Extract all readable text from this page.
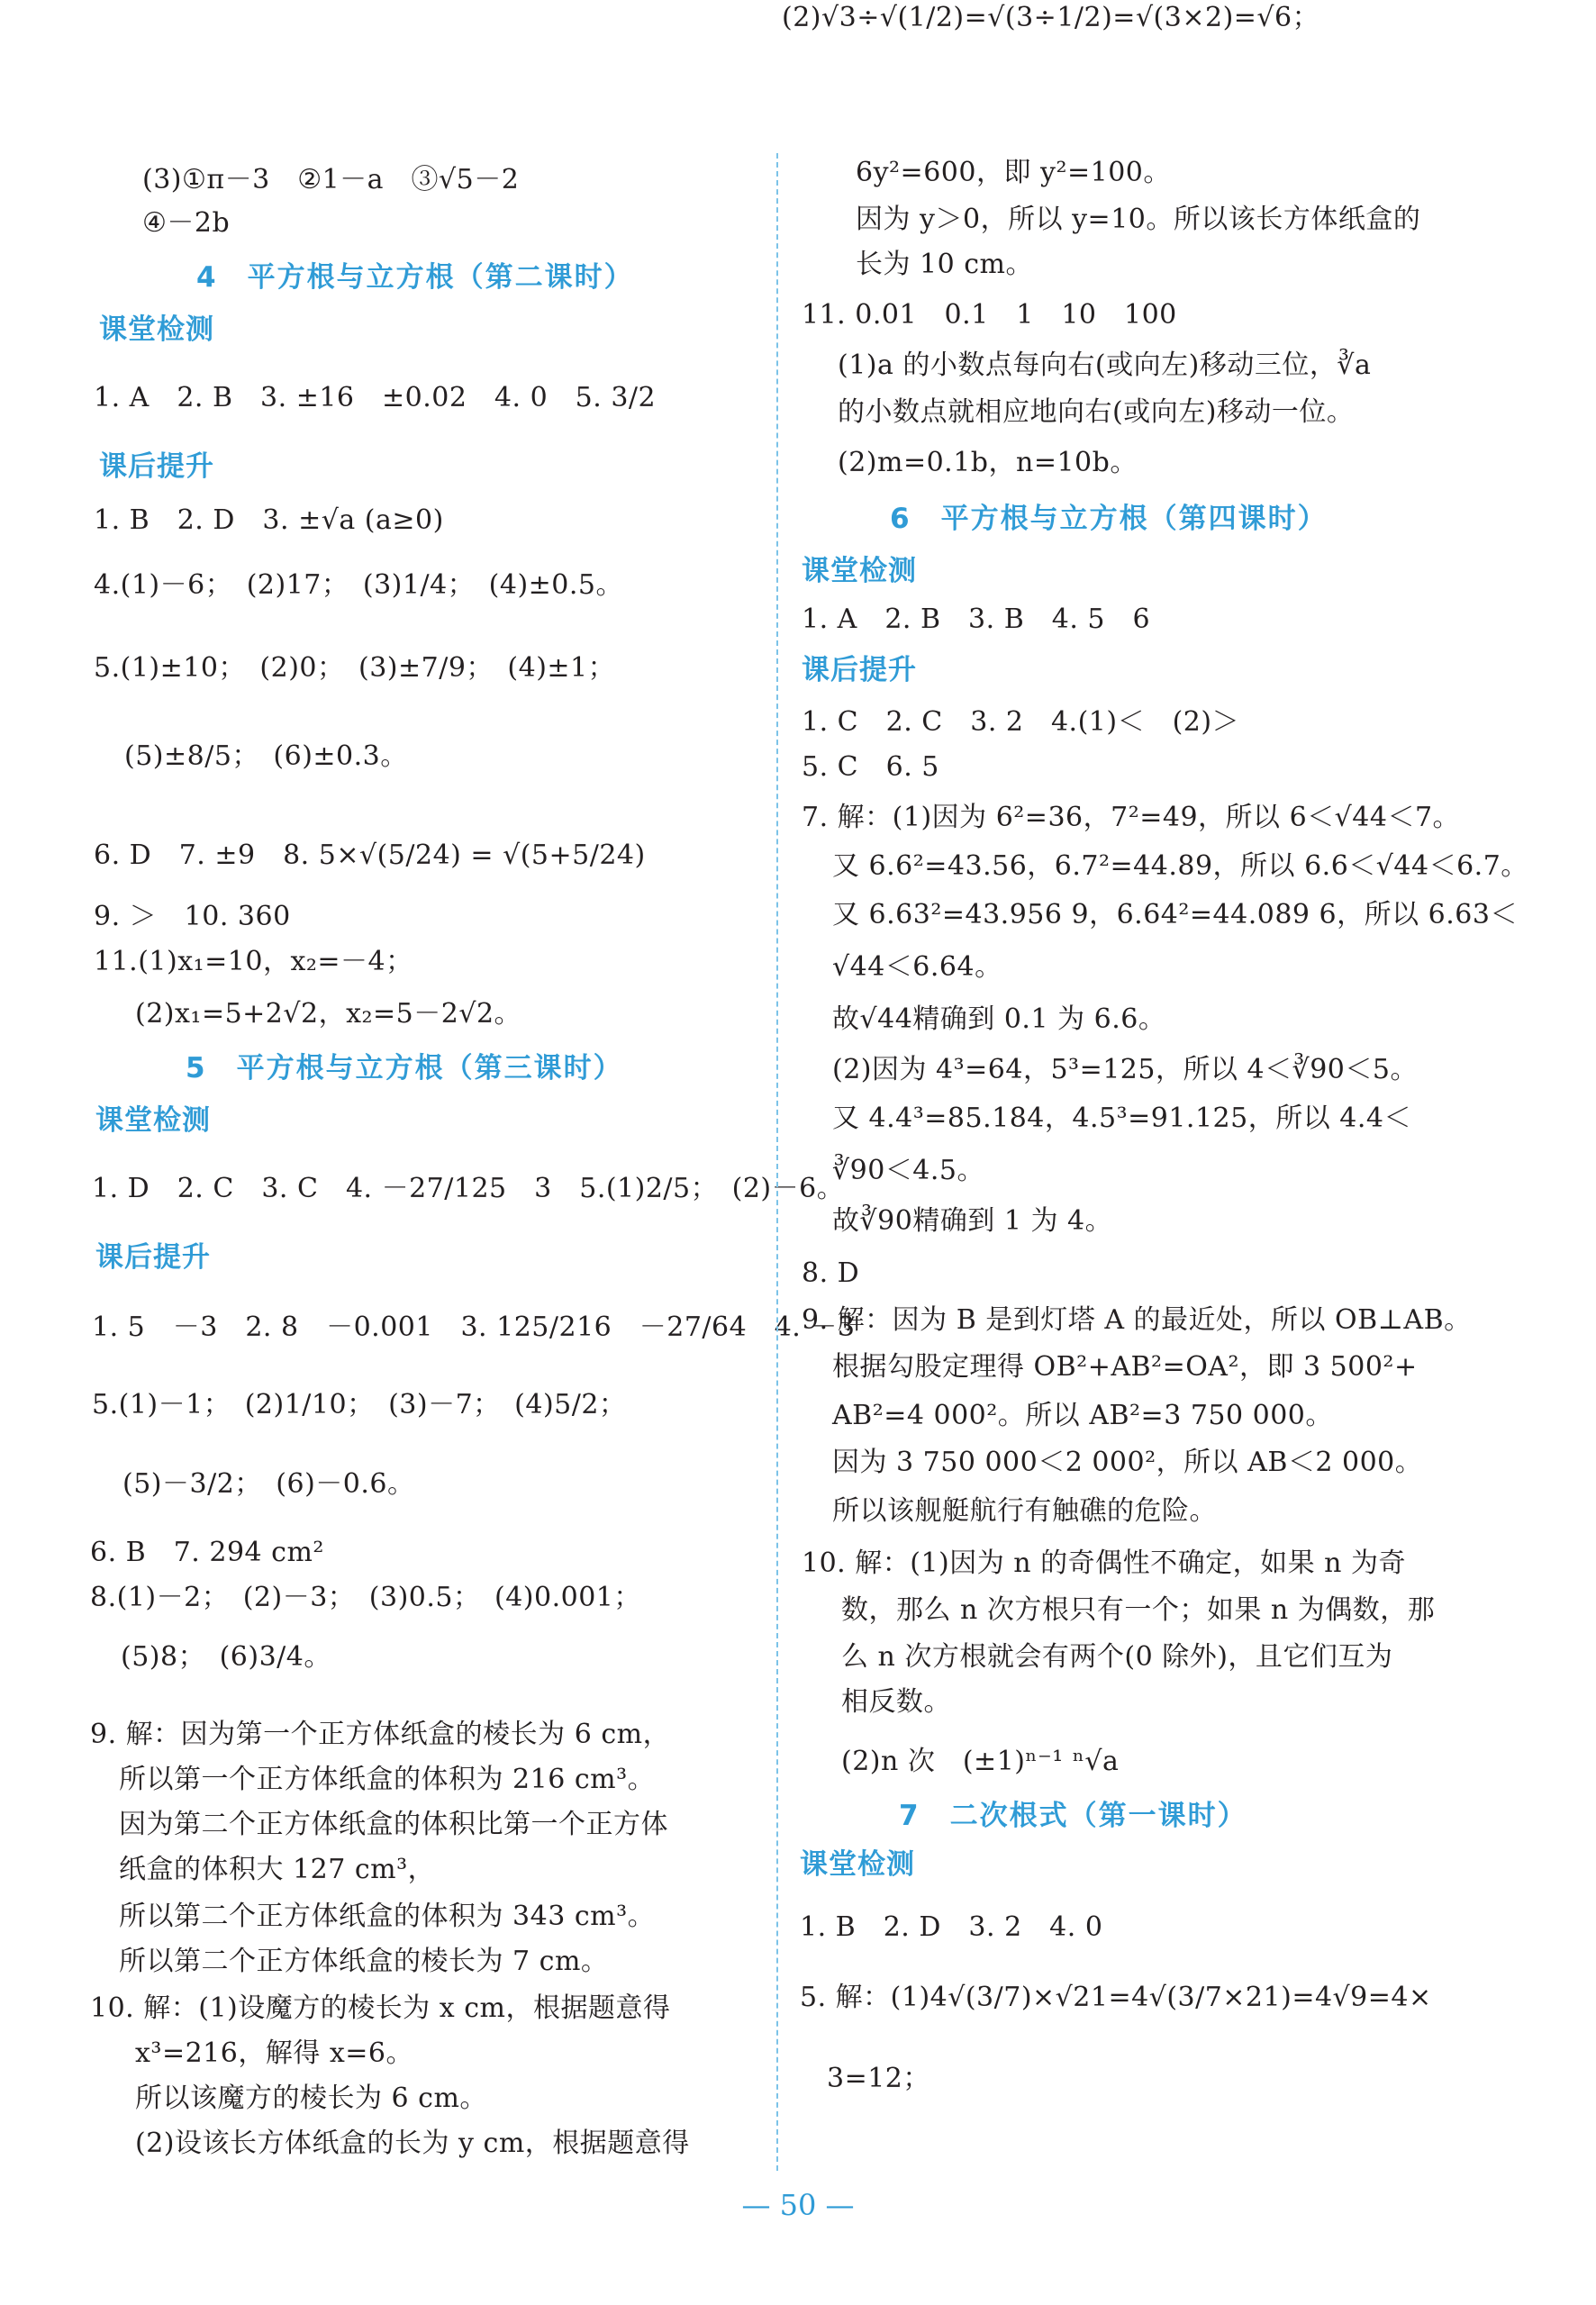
(3)①π－3　②1－a　③√5－2
④－2b
4　平方根与立方根（第二课时）
课堂检测
1. A　2. B　3. ±16　±0.02　4. 0　5. 3/2
课后提升
1. B　2. D　3. ±√a (a≥0)
4.(1)－6；　(2)17；　(3)1/4；　(4)±0.5。
5.(1)±10；　(2)0；　(3)±7/9；　(4)±1；
(5)±8/5；　(6)±0.3。
6. D　7. ±9　8. 5×√(5/24) = √(5+5/24)
9. ＞　10. 360
11.(1)x₁=10，x₂=－4；
(2)x₁=5+2√2，x₂=5－2√2。
5　平方根与立方根（第三课时）
课堂检测
1. D　2. C　3. C　4. －27/125　3　5.(1)2/5；　(2)－6。
课后提升
1. 5　－3　2. 8　－0.001　3. 125/216　－27/64　4. －3
5.(1)－1；　(2)1/10；　(3)－7；　(4)5/2；
(5)－3/2；　(6)－0.6。
6. B　7. 294 cm²
8.(1)－2；　(2)－3；　(3)0.5；　(4)0.001；
(5)8；　(6)3/4。
9. 解：因为第一个正方体纸盒的棱长为 6 cm，
所以第一个正方体纸盒的体积为 216 cm³。
因为第二个正方体纸盒的体积比第一个正方体
纸盒的体积大 127 cm³，
所以第二个正方体纸盒的体积为 343 cm³。
所以第二个正方体纸盒的棱长为 7 cm。
10. 解：(1)设魔方的棱长为 x cm，根据题意得
x³=216，解得 x=6。
所以该魔方的棱长为 6 cm。
(2)设该长方体纸盒的长为 y cm，根据题意得
6y²=600，即 y²=100。
因为 y＞0，所以 y=10。所以该长方体纸盒的
长为 10 cm。
11. 0.01　0.1　1　10　100
(1)a 的小数点每向右(或向左)移动三位，∛a
的小数点就相应地向右(或向左)移动一位。
(2)m=0.1b，n=10b。
6　平方根与立方根（第四课时）
课堂检测
1. A　2. B　3. B　4. 5　6
课后提升
1. C　2. C　3. 2　4.(1)＜　(2)＞
5. C　6. 5
7. 解：(1)因为 6²=36，7²=49，所以 6＜√44＜7。
又 6.6²=43.56，6.7²=44.89，所以 6.6＜√44＜6.7。
又 6.63²=43.956 9，6.64²=44.089 6，所以 6.63＜
√44＜6.64。
故√44精确到 0.1 为 6.6。
(2)因为 4³=64，5³=125，所以 4＜∛90＜5。
又 4.4³=85.184，4.5³=91.125，所以 4.4＜
∛90＜4.5。
故∛90精确到 1 为 4。
8. D
9. 解：因为 B 是到灯塔 A 的最近处，所以 OB⊥AB。
根据勾股定理得 OB²+AB²=OA²，即 3 500²+
AB²=4 000²。所以 AB²=3 750 000。
因为 3 750 000＜2 000²，所以 AB＜2 000。
所以该舰艇航行有触礁的危险。
10. 解：(1)因为 n 的奇偶性不确定，如果 n 为奇
数，那么 n 次方根只有一个；如果 n 为偶数，那
么 n 次方根就会有两个(0 除外)，且它们互为
相反数。
(2)n 次　(±1)ⁿ⁻¹ ⁿ√a
7　二次根式（第一课时）
课堂检测
1. B　2. D　3. 2　4. 0
5. 解：(1)4√(3/7)×√21=4√(3/7×21)=4√9=4×
3=12；
(2)√3÷√(1/2)=√(3÷1/2)=√(3×2)=√6；
— 50 —
